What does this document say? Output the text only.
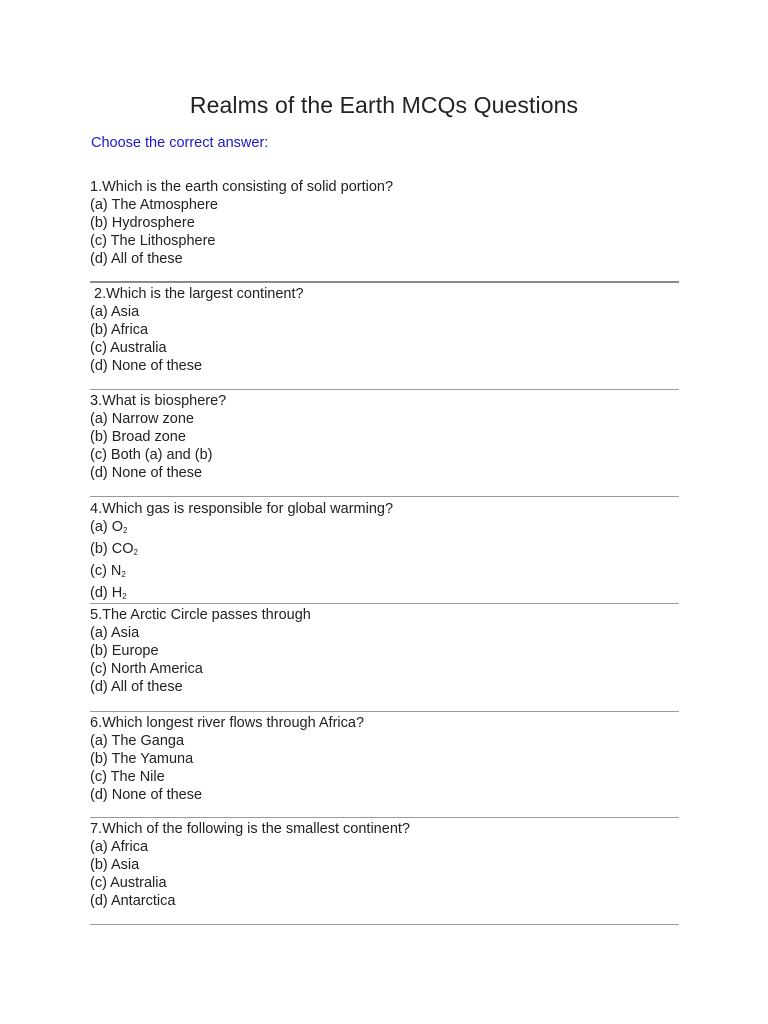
Realms of the Earth MCQs Questions
Choose the correct answer:
1.Which is the earth consisting of solid portion?
(a) The Atmosphere
(b) Hydrosphere
(c) The Lithosphere
(d) All of these
2.Which is the largest continent?
(a) Asia
(b) Africa
(c) Australia
(d) None of these
3.What is biosphere?
(a) Narrow zone
(b) Broad zone
(c) Both (a) and (b)
(d) None of these
4.Which gas is responsible for global warming?
(a) $O_2$
(b) $CO_2$
(c) $N_2$
(d) $H_2$
5.The Arctic Circle passes through
(a) Asia
(b) Europe
(c) North America
(d) All of these
6.Which longest river flows through Africa?
(a) The Ganga
(b) The Yamuna
(c) The Nile
(d) None of these
7.Which of the following is the smallest continent?
(a) Africa
(b) Asia
(c) Australia
(d) Antarctica
